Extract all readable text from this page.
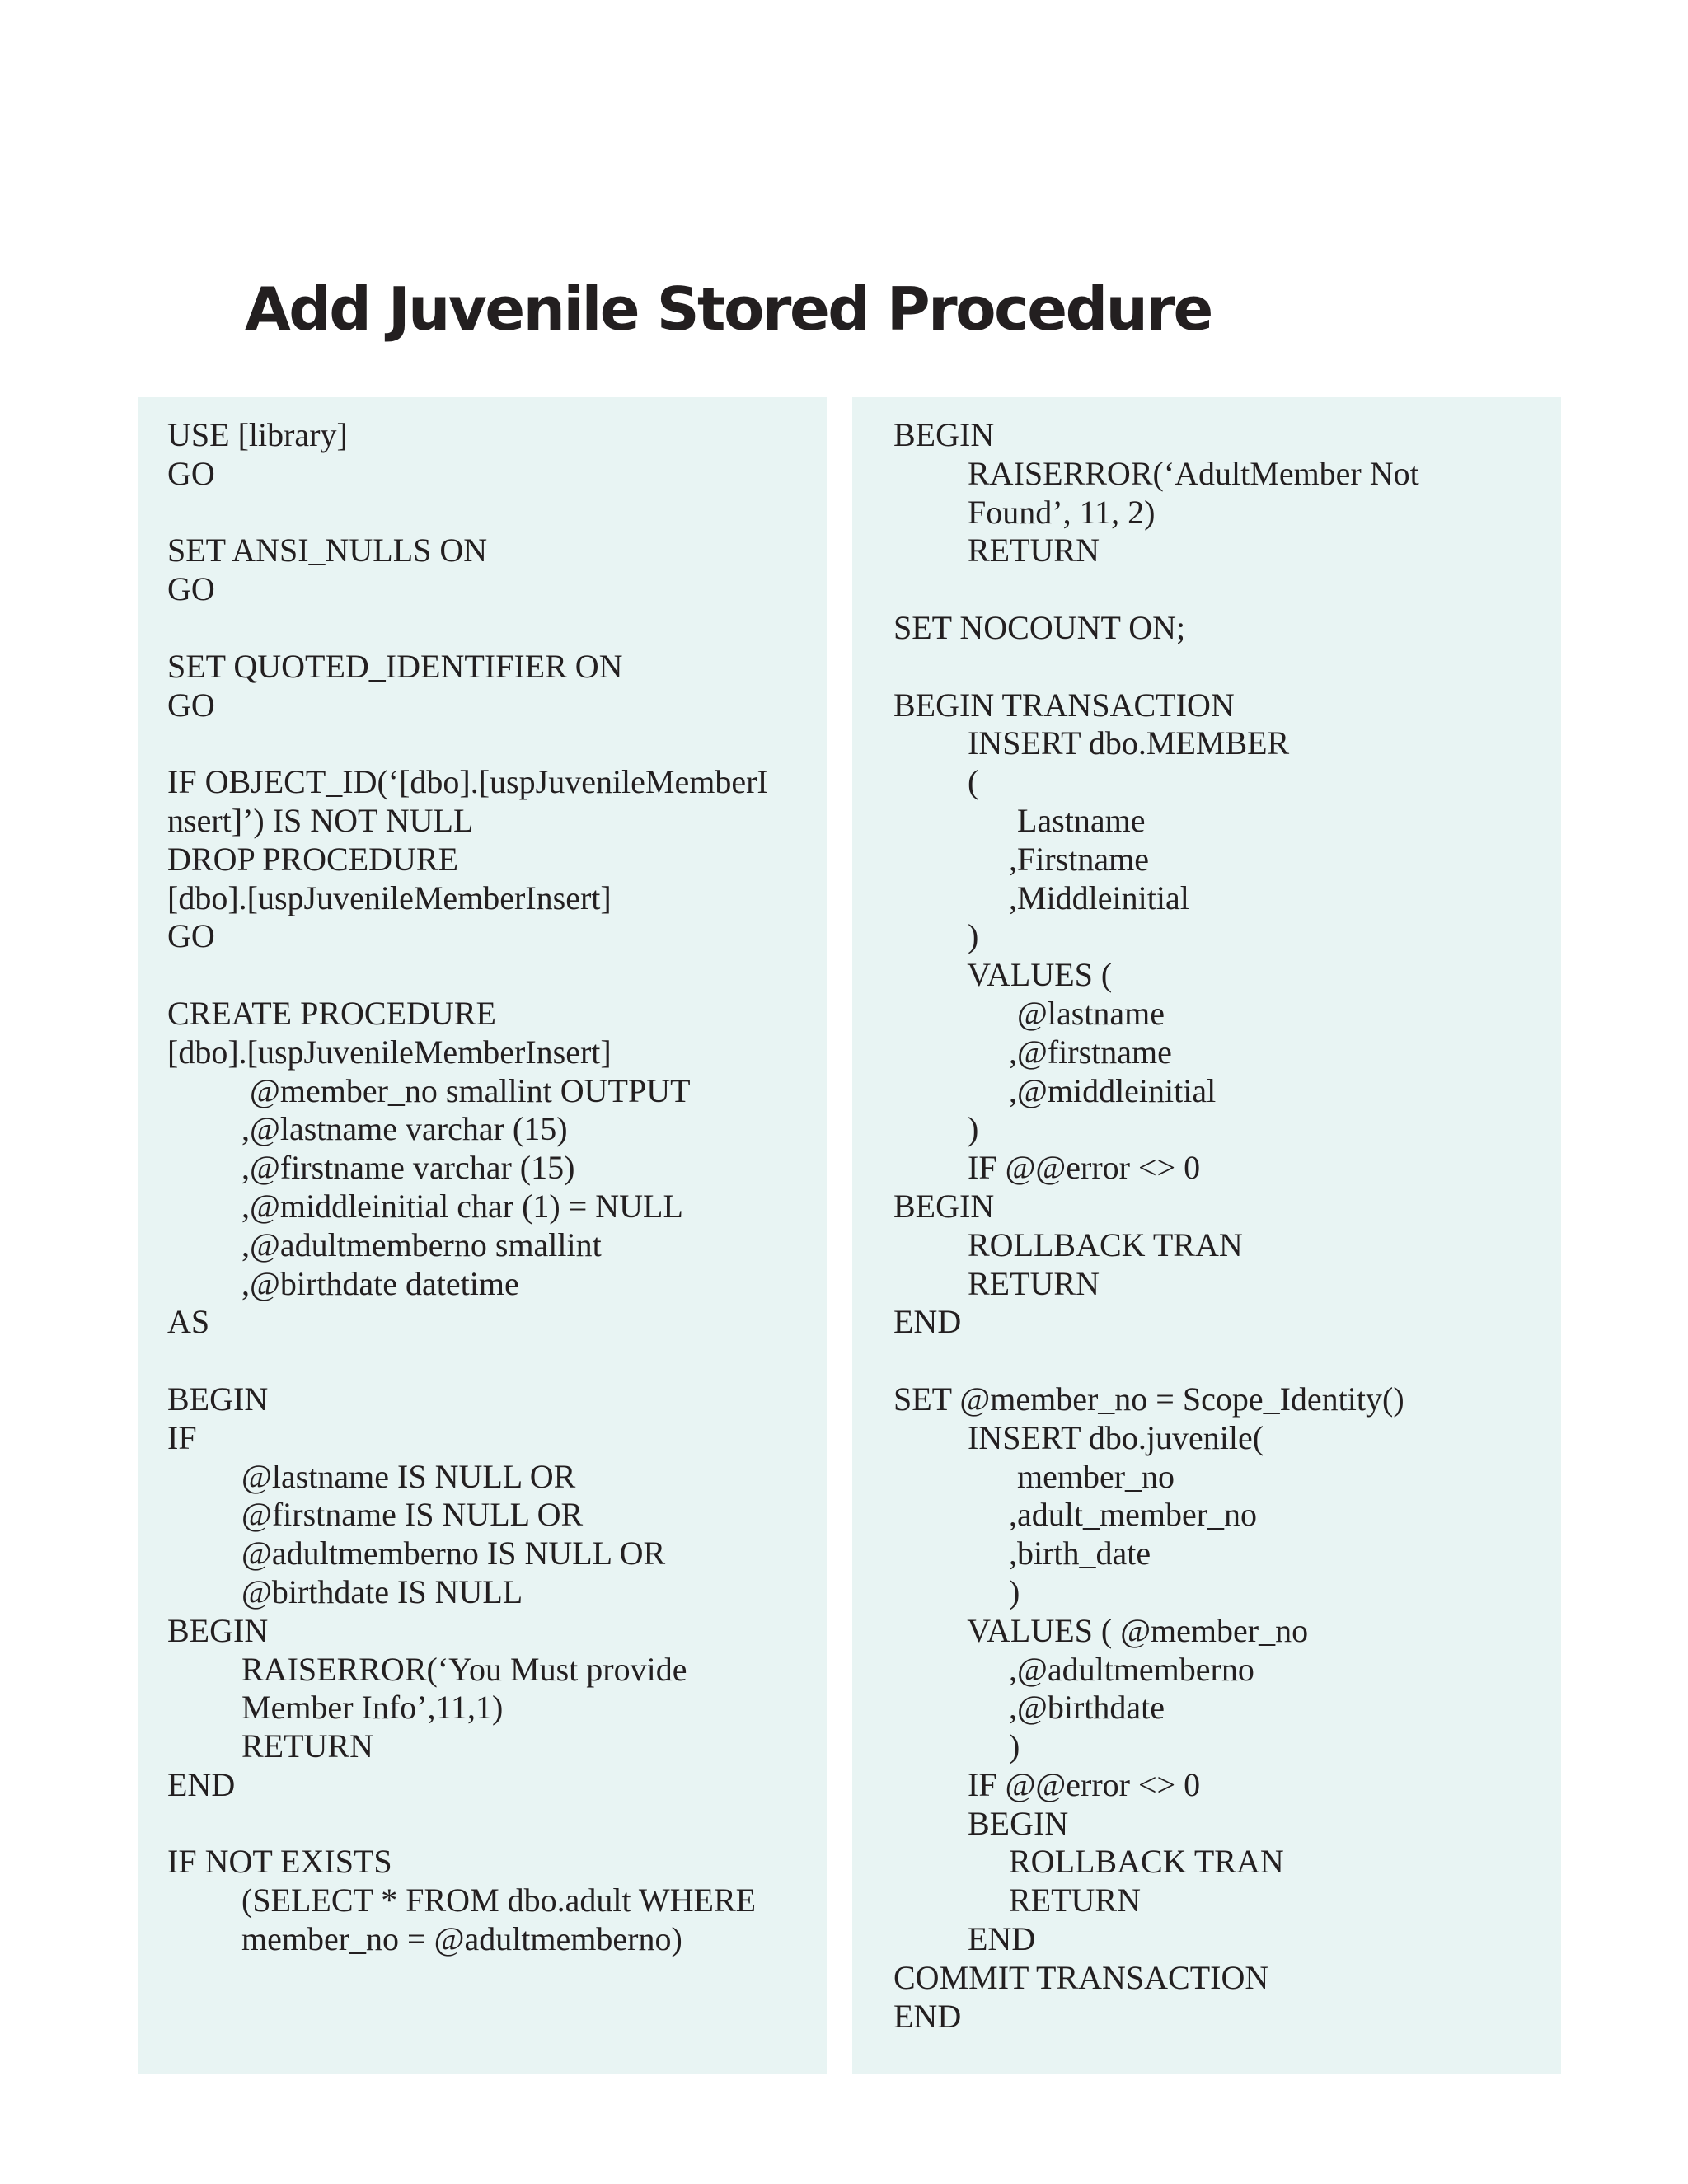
Add Juvenile Stored Procedure
USE [library]
GO
SET ANSI_NULLS ON
GO
SET QUOTED_IDENTIFIER ON
GO
IF OBJECT_ID(‘[dbo].[uspJuvenileMemberI
nsert]’) IS NOT NULL
DROP PROCEDURE
[dbo].[uspJuvenileMemberInsert]
GO
CREATE PROCEDURE
[dbo].[uspJuvenileMemberInsert]
@member_no smallint OUTPUT
,@lastname varchar (15)
,@firstname varchar (15)
,@middleinitial char (1) = NULL
,@adultmemberno smallint
,@birthdate datetime
AS
BEGIN
IF
@lastname IS NULL OR
@firstname IS NULL OR
@adultmemberno IS NULL OR
@birthdate IS NULL
BEGIN
RAISERROR(‘You Must provide
Member Info’,11,1)
RETURN
END
IF NOT EXISTS
(SELECT * FROM dbo.adult WHERE
member_no = @adultmemberno)
BEGIN
RAISERROR(‘AdultMember Not
Found’, 11, 2)
RETURN
SET NOCOUNT ON;
BEGIN TRANSACTION
INSERT dbo.MEMBER
(
Lastname
,Firstname
,Middleinitial
)
VALUES (
@lastname
,@firstname
,@middleinitial
)
IF @@error <> 0
BEGIN
ROLLBACK TRAN
RETURN
END
SET @member_no = Scope_Identity()
INSERT dbo.juvenile(
member_no
,adult_member_no
,birth_date
)
VALUES ( @member_no
,@adultmemberno
,@birthdate
)
IF @@error <> 0
BEGIN
ROLLBACK TRAN
RETURN
END
COMMIT TRANSACTION
END
